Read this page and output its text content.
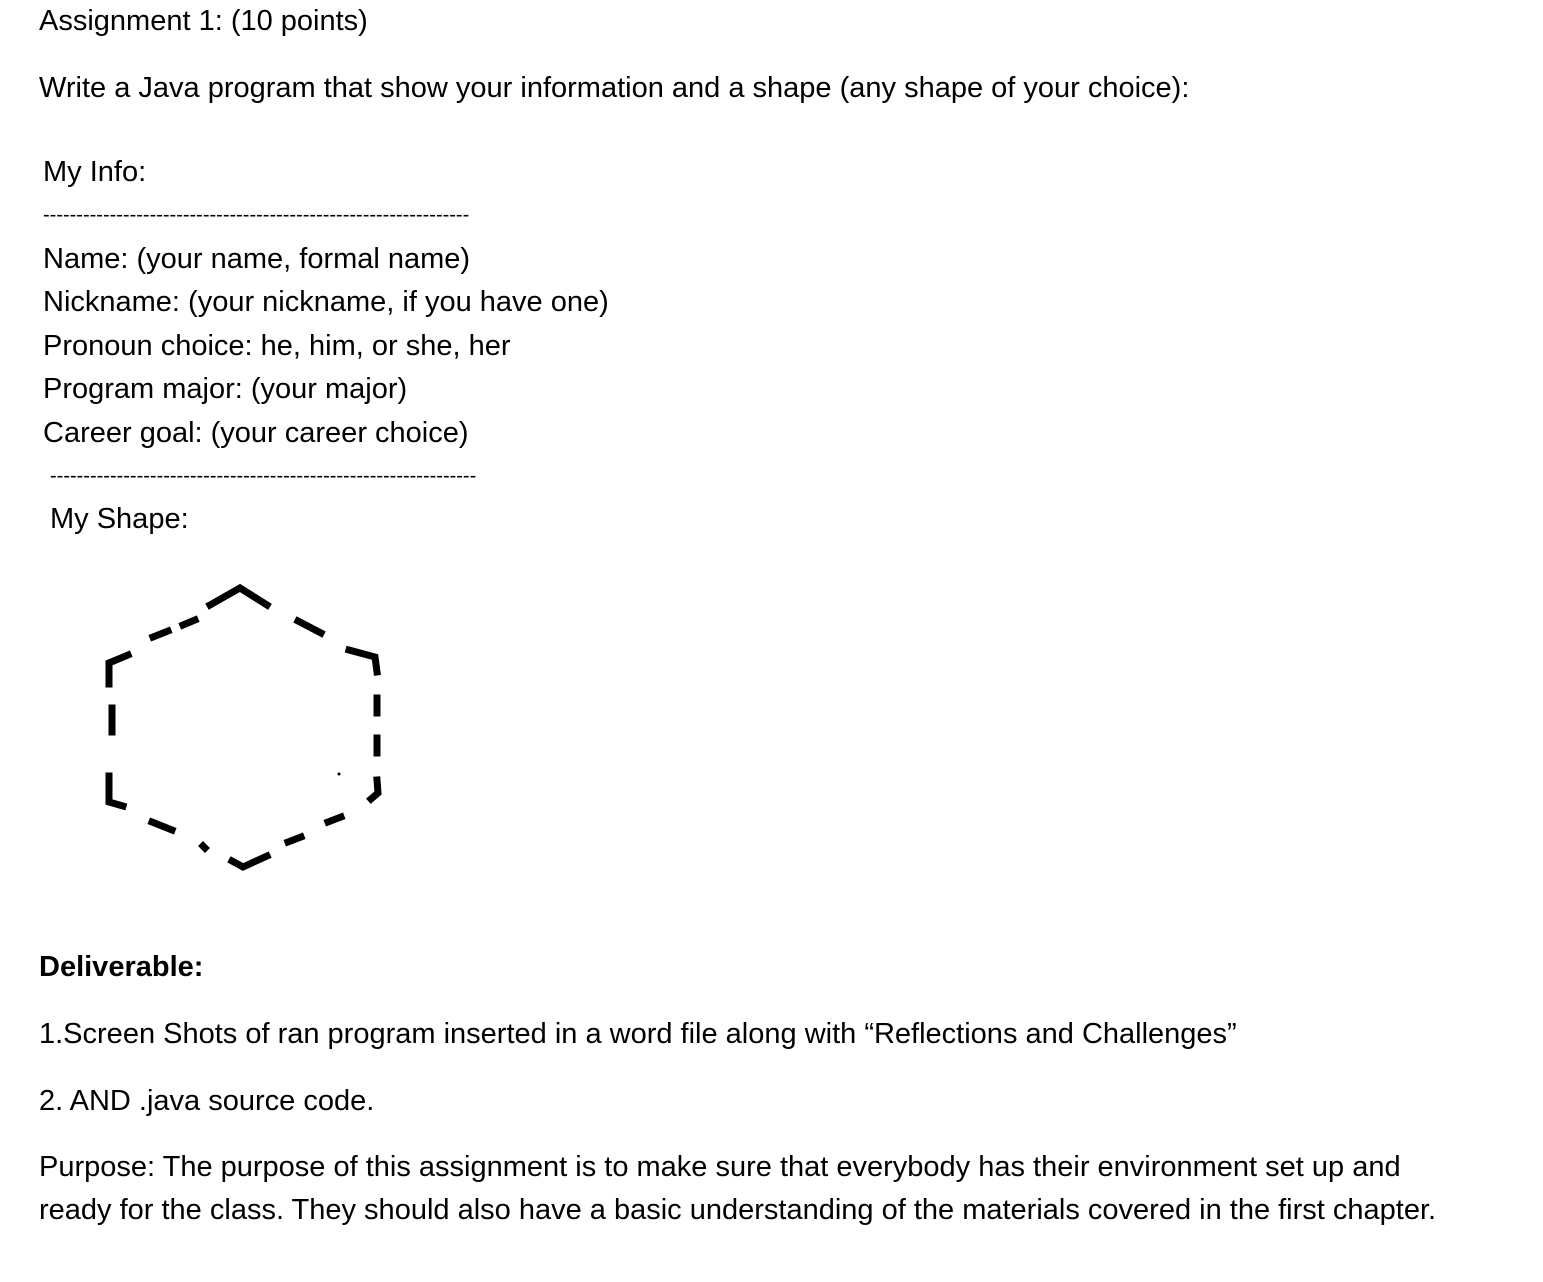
Assignment 1: (10 points)
Write a Java program that show your information and a shape (any shape of your choice):
My Info:
----------------------------------------------------------------
Name: (your name, formal name)
Nickname: (your nickname, if you have one)
Pronoun choice: he, him, or she, her
Program major: (your major)
Career goal: (your career choice)
----------------------------------------------------------------
My Shape:
Deliverable:
1.Screen Shots of ran program inserted in a word file along with “Reflections and Challenges”
2. AND .java source code.

Purpose: The purpose of this assignment is to make sure that everybody has their environment set up and ready for the class. They should also have a basic understanding of the materials covered in the first chapter.
